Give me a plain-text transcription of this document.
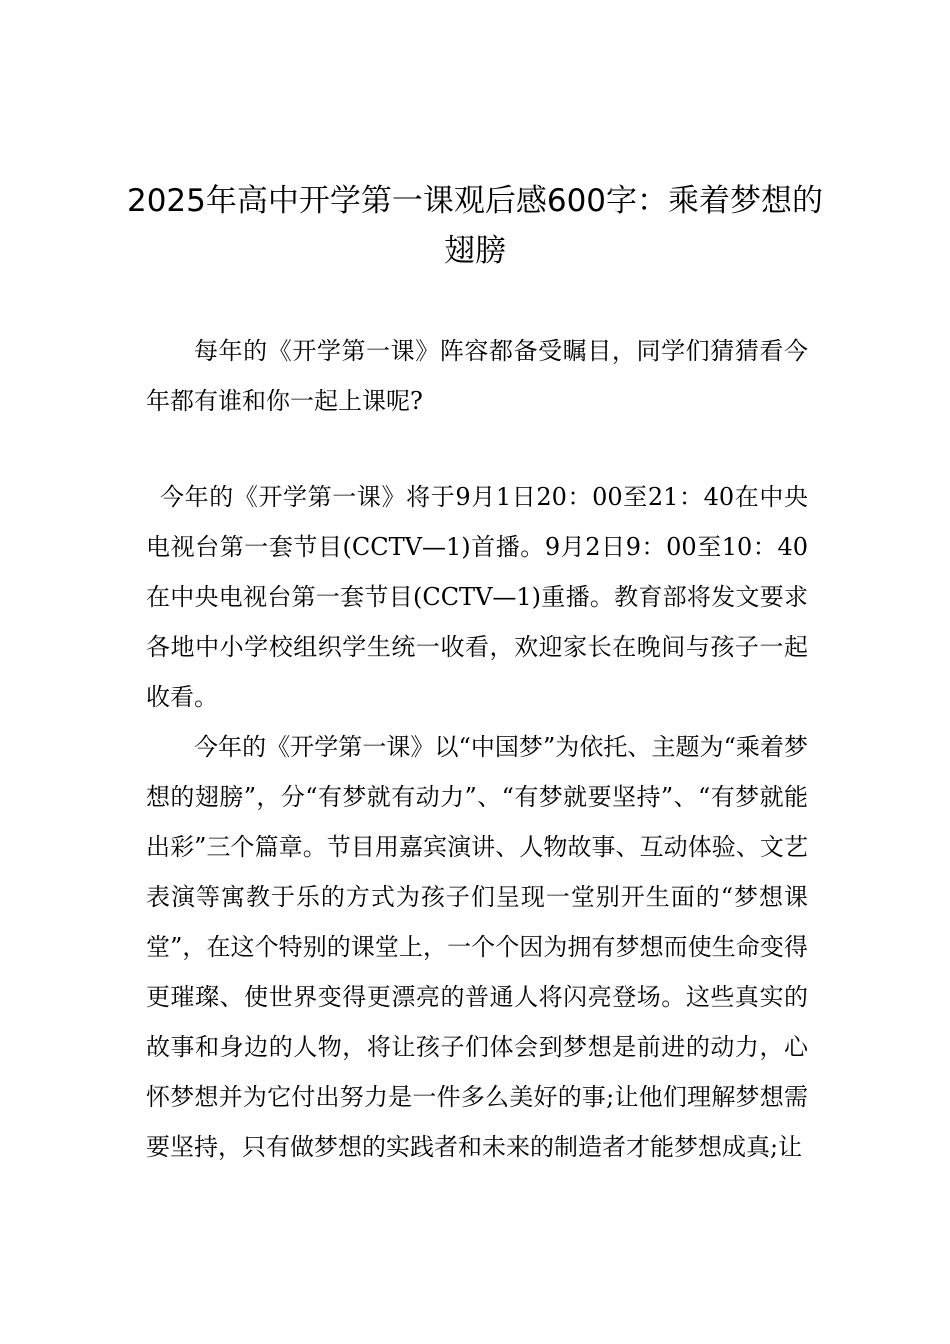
2025年高中开学第一课观后感600字：乘着梦想的翅膀

每年的《开学第一课》阵容都备受瞩目，同学们猜猜看今年都有谁和你一起上课呢?

今年的《开学第一课》将于9月1日20：00至21：40在中央电视台第一套节目(CCTV—1)首播。9月2日9：00至10：40在中央电视台第一套节目(CCTV—1)重播。教育部将发文要求各地中小学校组织学生统一收看，欢迎家长在晚间与孩子一起收看。

今年的《开学第一课》以“中国梦”为依托、主题为“乘着梦想的翅膀”，分“有梦就有动力”、“有梦就要坚持”、“有梦就能出彩”三个篇章。节目用嘉宾演讲、人物故事、互动体验、文艺表演等寓教于乐的方式为孩子们呈现一堂别开生面的“梦想课堂”，在这个特别的课堂上，一个个因为拥有梦想而使生命变得更璀璨、使世界变得更漂亮的普通人将闪亮登场。这些真实的故事和身边的人物，将让孩子们体会到梦想是前进的动力，心怀梦想并为它付出努力是一件多么美好的事;让他们理解梦想需要坚持，只有做梦想的实践者和未来的制造者才能梦想成真;让
